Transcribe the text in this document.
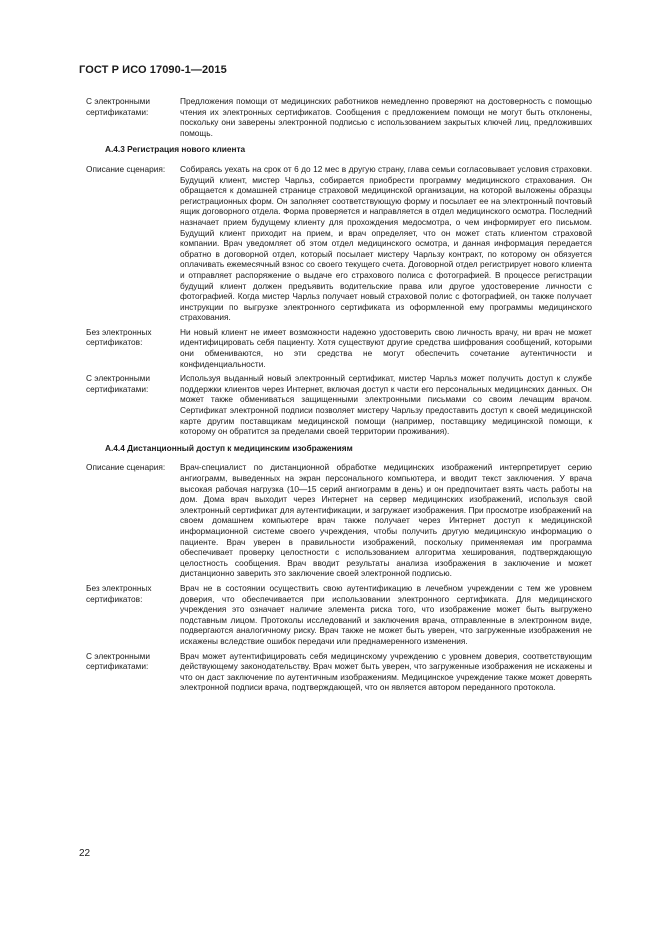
ГОСТ Р ИСО 17090-1—2015
С электронными сертификатами:
Предложения помощи от медицинских работников немедленно проверяют на достоверность с помощью чтения их электронных сертификатов. Сообщения с предложением помощи не могут быть отклонены, поскольку они заверены электронной подписью с использованием закрытых ключей лиц, предложивших помощь.
А.4.3 Регистрация нового клиента
Описание сценария:	Собираясь уехать на срок от 6 до 12 мес в другую страну, глава семьи согласовывает условия страховки. Будущий клиент, мистер Чарльз, собирается приобрести программу медицинского страхования. Он обращается к домашней странице страховой медицинской организации, на которой выложены образцы регистрационных форм. Он заполняет соответствующую форму и посылает ее на электронный почтовый ящик договорного отдела. Форма проверяется и направляется в отдел медицинского осмотра. Последний назначает прием будущему клиенту для прохождения медосмотра, о чем информирует его письмом. Будущий клиент приходит на прием, и врач определяет, что он может стать клиентом страховой компании. Врач уведомляет об этом отдел медицинского осмотра, и данная информация передается обратно в договорной отдел, который посылает мистеру Чарльзу контракт, по которому он обязуется оплачивать ежемесячный взнос со своего текущего счета. Договорной отдел регистрирует нового клиента и отправляет распоряжение о выдаче его страхового полиса с фотографией. В процессе регистрации будущий клиент должен предъявить водительские права или другое удостоверение личности с фотографией. Когда мистер Чарльз получает новый страховой полис с фотографией, он также получает инструкции по выгрузке электронного сертификата из оформленной ему программы медицинского страхования.
Без электронных сертификатов:
Ни новый клиент не имеет возможности надежно удостоверить свою личность врачу, ни врач не может идентифицировать себя пациенту. Хотя существуют другие средства шифрования сообщений, которыми они обмениваются, но эти средства не могут обеспечить сочетание аутентичности и конфиденциальности.
С электронными сертификатами:
Используя выданный новый электронный сертификат, мистер Чарльз может получить доступ к службе поддержки клиентов через Интернет, включая доступ к части его персональных медицинских данных. Он может также обмениваться защищенными электронными письмами со своим лечащим врачом. Сертификат электронной подписи позволяет мистеру Чарльзу предоставить доступ к своей медицинской карте другим поставщикам медицинской помощи (например, поставщику медицинской помощи, к которому он обратится за пределами своей территории проживания).
А.4.4 Дистанционный доступ к медицинским изображениям
Описание сценария:	Врач-специалист по дистанционной обработке медицинских изображений интерпретирует серию ангиограмм, выведенных на экран персонального компьютера, и вводит текст заключения. У врача высокая рабочая нагрузка (10—15 серий ангиограмм в день) и он предпочитает взять часть работы на дом. Дома врач выходит через Интернет на сервер медицинских изображений, используя свой электронный сертификат для аутентификации, и загружает изображения. При просмотре изображений на своем домашнем компьютере врач также получает через Интернет доступ к медицинской информационной системе своего учреждения, чтобы получить другую медицинскую информацию о пациенте. Врач уверен в правильности изображений, поскольку применяемая им программа обеспечивает проверку целостности с использованием алгоритма хеширования, подтверждающую целостность сообщения. Врач вводит результаты анализа изображения в заключение и может дистанционно заверить это заключение своей электронной подписью.
Без электронных сертификатов:
Врач не в состоянии осуществить свою аутентификацию в лечебном учреждении с тем же уровнем доверия, что обеспечивается при использовании электронного сертификата. Для медицинского учреждения это означает наличие элемента риска того, что изображение может быть выгружено подставным лицом. Протоколы исследований и заключения врача, отправленные в электронном виде, подвергаются аналогичному риску. Врач также не может быть уверен, что загруженные изображения не искажены вследствие ошибок передачи или преднамеренного изменения.
С электронными сертификатами:
Врач может аутентифицировать себя медицинскому учреждению с уровнем доверия, соответствующим действующему законодательству. Врач может быть уверен, что загруженные изображения не искажены и что он даст заключение по аутентичным изображениям. Медицинское учреждение также может доверять электронной подписи врача, подтверждающей, что он является автором переданного протокола.
22
